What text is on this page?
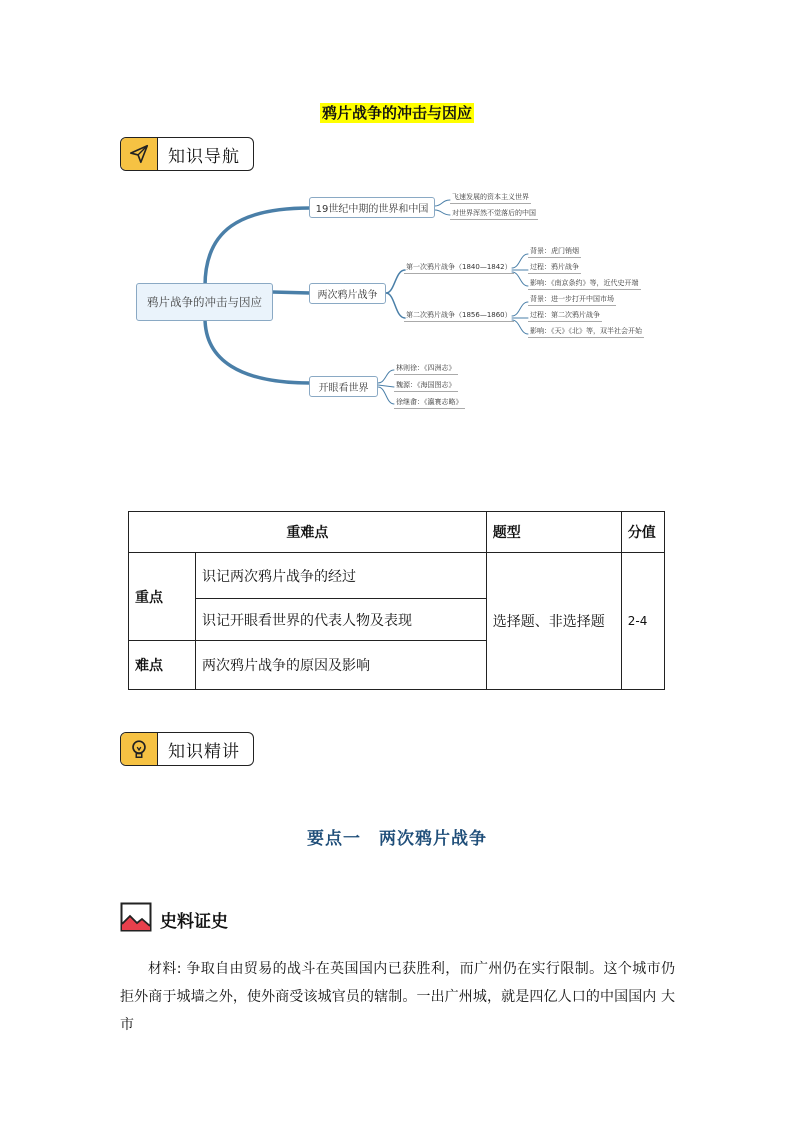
鸦片战争的冲击与因应
知识导航
鸦片战争的冲击与因应
19世纪中期的世界和中国
两次鸦片战争
开眼看世界
飞速发展的资本主义世界
对世界浑然不觉落后的中国
第一次鸦片战争（1840—1842）
第二次鸦片战争（1856—1860）
背景：虎门销烟
过程：鸦片战争
影响：《南京条约》等，近代史开端
背景：进一步打开中国市场
过程：第二次鸦片战争
影响：《天》《北》等，双半社会开始
林则徐：《四洲志》
魏源：《海国图志》
徐继畬：《瀛寰志略》
重难点		题型	分值
重点	识记两次鸦片战争的经过	选择题、非选择题	2-4
	识记开眼看世界的代表人物及表现		
难点	两次鸦片战争的原因及影响		
知识精讲
要点一　两次鸦片战争
史料证史
材料: 争取自由贸易的战斗在英国国内已获胜利，而广州仍在实行限制。这个城市仍拒外商于城墙之外，使外商受该城官员的辖制。一出广州城，就是四亿人口的中国国内 大市
